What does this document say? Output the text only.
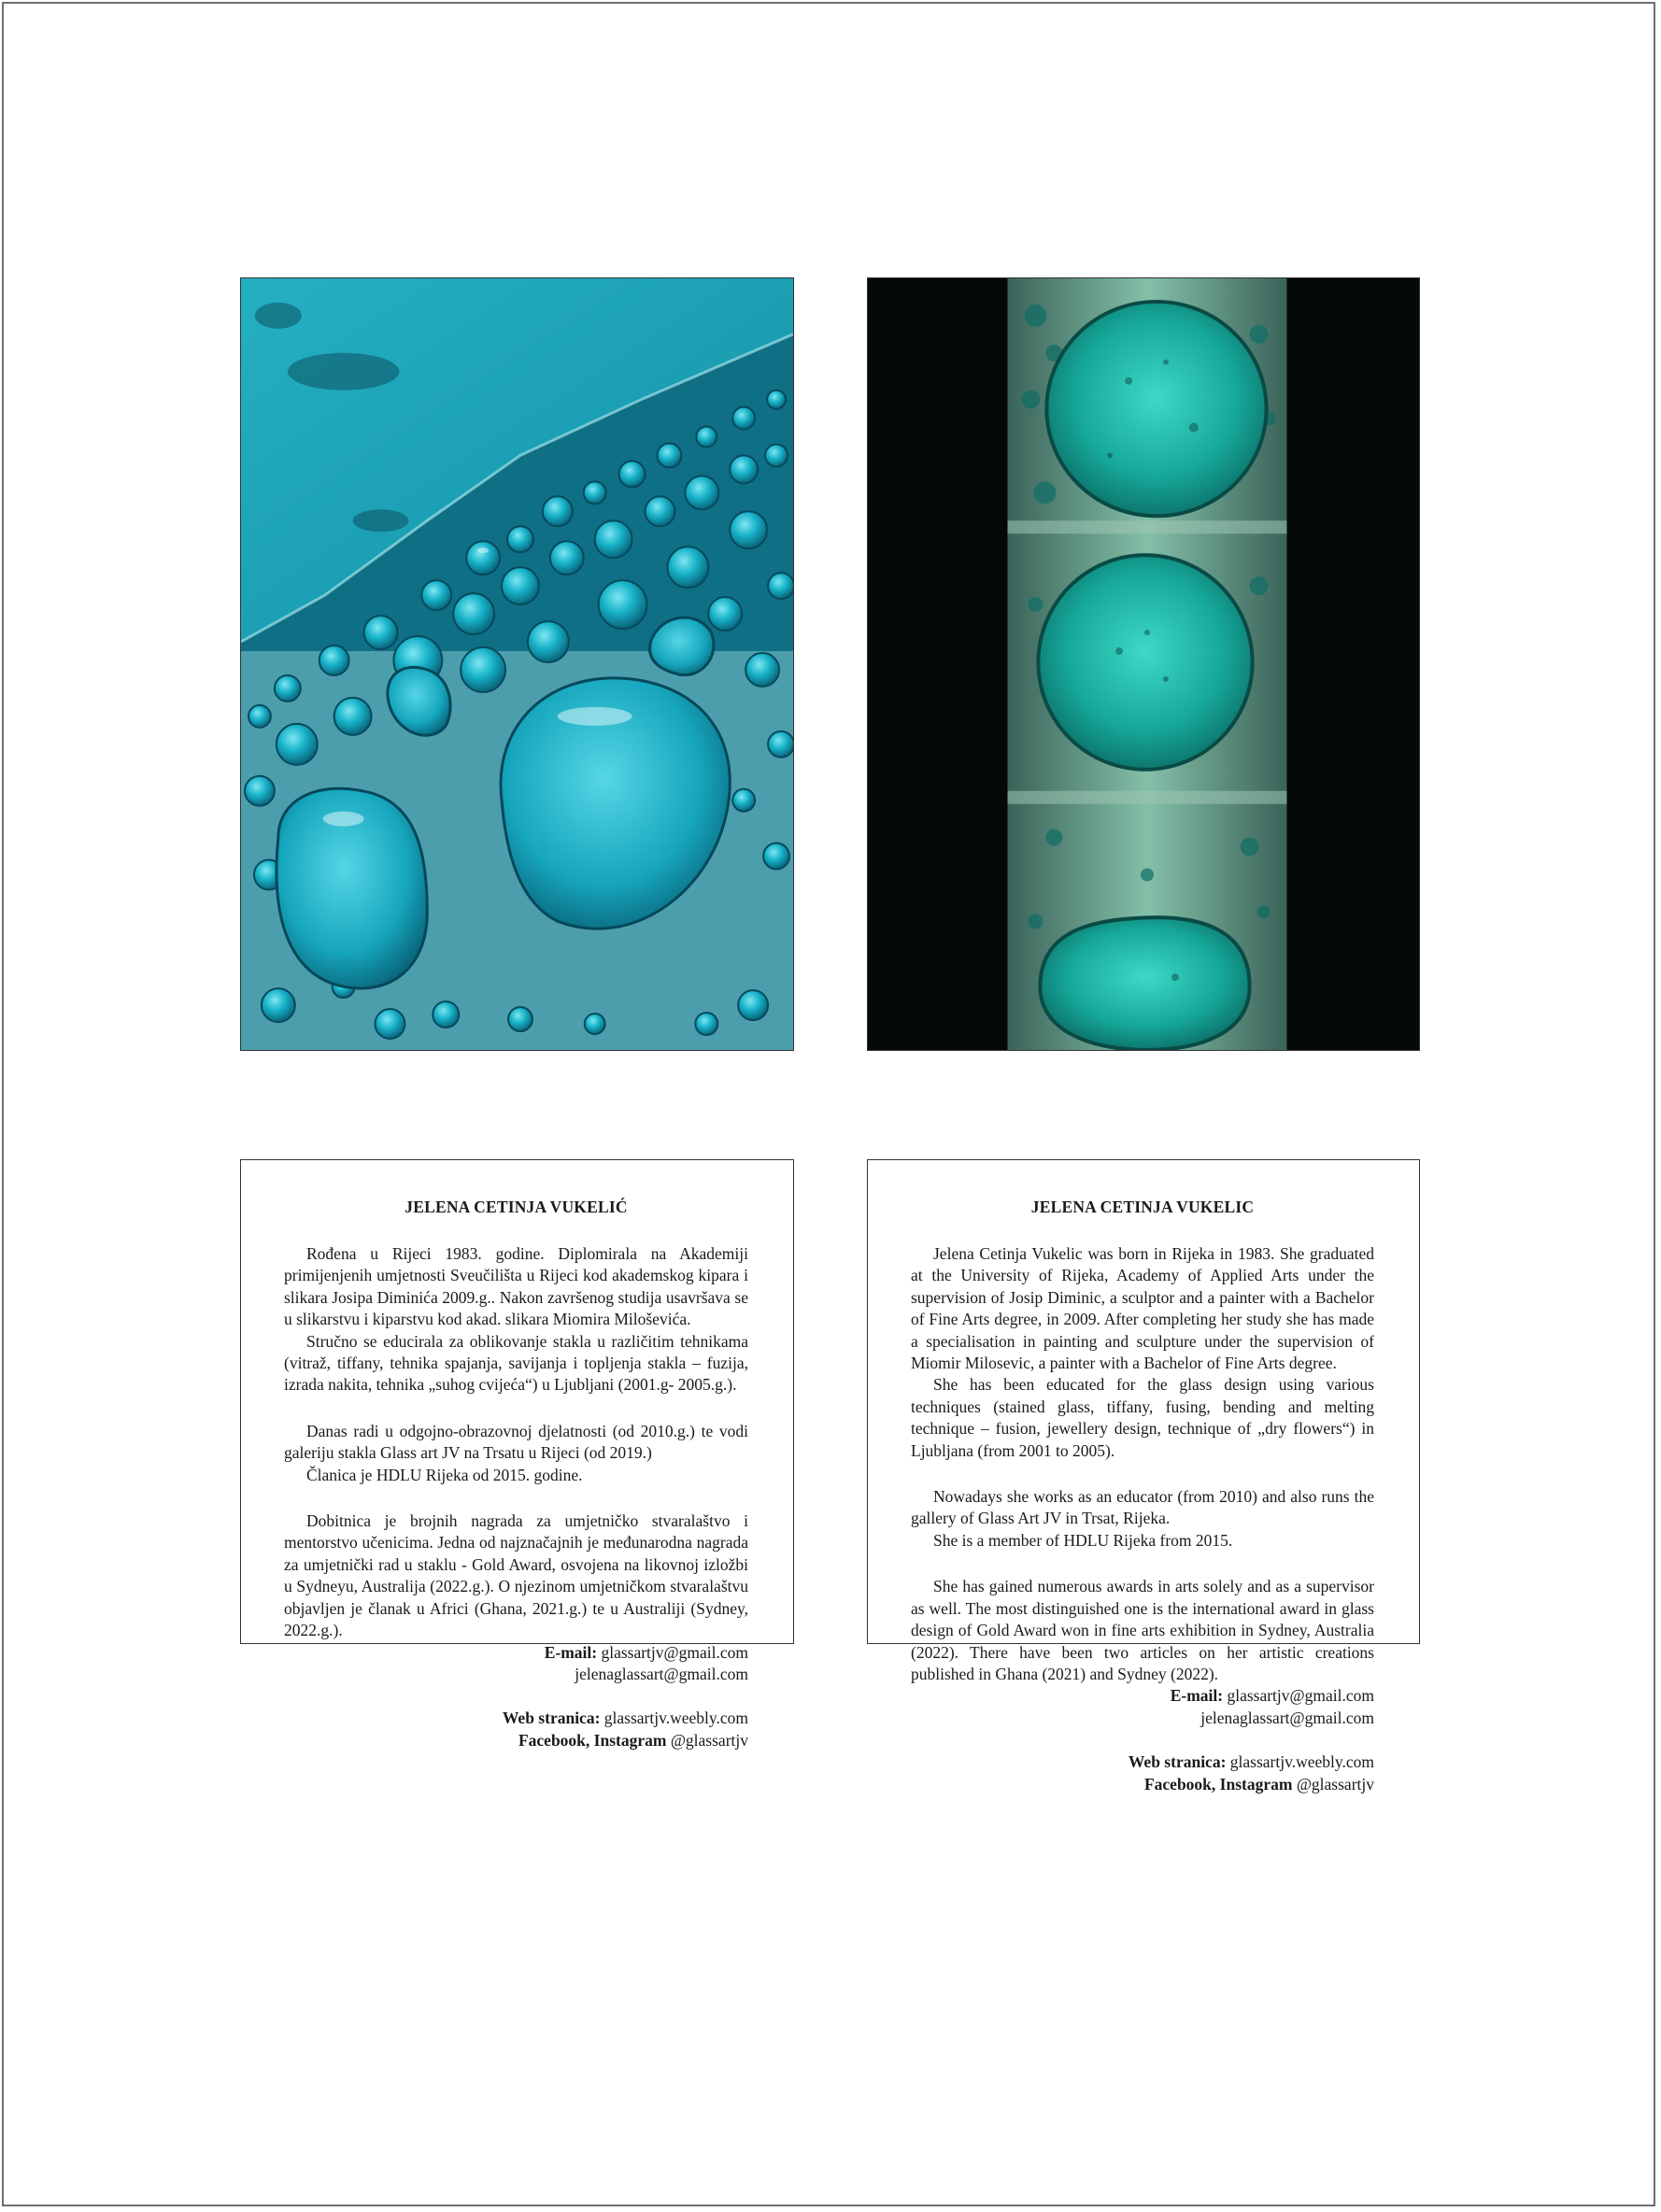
JELENA CETINJA VUKELIĆ

Rođena u Rijeci 1983. godine. Diplomirala na Akademiji primijenjenih umjetnosti Sveučilišta u Rijeci kod akademskog kipara i slikara Josipa Diminića 2009.g.. Nakon završenog studija usavršava se u slikarstvu i kiparstvu kod akad. slikara Miomira Miloševića.

Stručno se educirala za oblikovanje stakla u različitim tehnikama (vitraž, tiffany, tehnika spajanja, savijanja i topljenja stakla – fuzija, izrada nakita, tehnika „suhog cvijeća“) u Ljubljani (2001.g- 2005.g.).

Danas radi u odgojno-obrazovnoj djelatnosti (od 2010.g.) te vodi galeriju stakla Glass art JV na Trsatu u Rijeci (od 2019.)

Članica je HDLU Rijeka od 2015. godine.

Dobitnica je brojnih nagrada za umjetničko stvaralaštvo i mentorstvo učenicima. Jedna od najznačajnih je međunarodna nagrada za umjetnički rad u staklu - Gold Award, osvojena na likovnoj izložbi u Sydneyu, Australija (2022.g.). O njezinom umjetničkom stvaralaštvu objavljen je članak u Africi (Ghana, 2021.g.) te u Australiji (Sydney, 2022.g.).

E-mail: glassartjv@gmail.com
jelenaglassart@gmail.com
Web stranica: glassartjv.weebly.com
Facebook, Instagram @glassartjv
JELENA CETINJA VUKELIC

Jelena Cetinja Vukelic was born in Rijeka in 1983. She graduated at the University of Rijeka, Academy of Applied Arts under the supervision of Josip Diminic, a sculptor and a painter with a Bachelor of Fine Arts degree, in 2009. After completing her study she has made a specialisation in painting and sculpture under the supervision of Miomir Milosevic, a painter with a Bachelor of Fine Arts degree.

She has been educated for the glass design using various techniques (stained glass, tiffany, fusing, bending and melting technique – fusion, jewellery design, technique of „dry flowers“) in Ljubljana (from 2001 to 2005).

Nowadays she works as an educator (from 2010) and also runs the gallery of Glass Art JV in Trsat, Rijeka.

She is a member of HDLU Rijeka from 2015.

She has gained numerous awards in arts solely and as a supervisor as well. The most distinguished one is the international award in glass design of Gold Award won in fine arts exhibition in Sydney, Australia (2022). There have been two articles on her artistic creations published in Ghana (2021) and Sydney (2022).

E-mail: glassartjv@gmail.com
jelenaglassart@gmail.com
Web stranica: glassartjv.weebly.com
Facebook, Instagram @glassartjv
